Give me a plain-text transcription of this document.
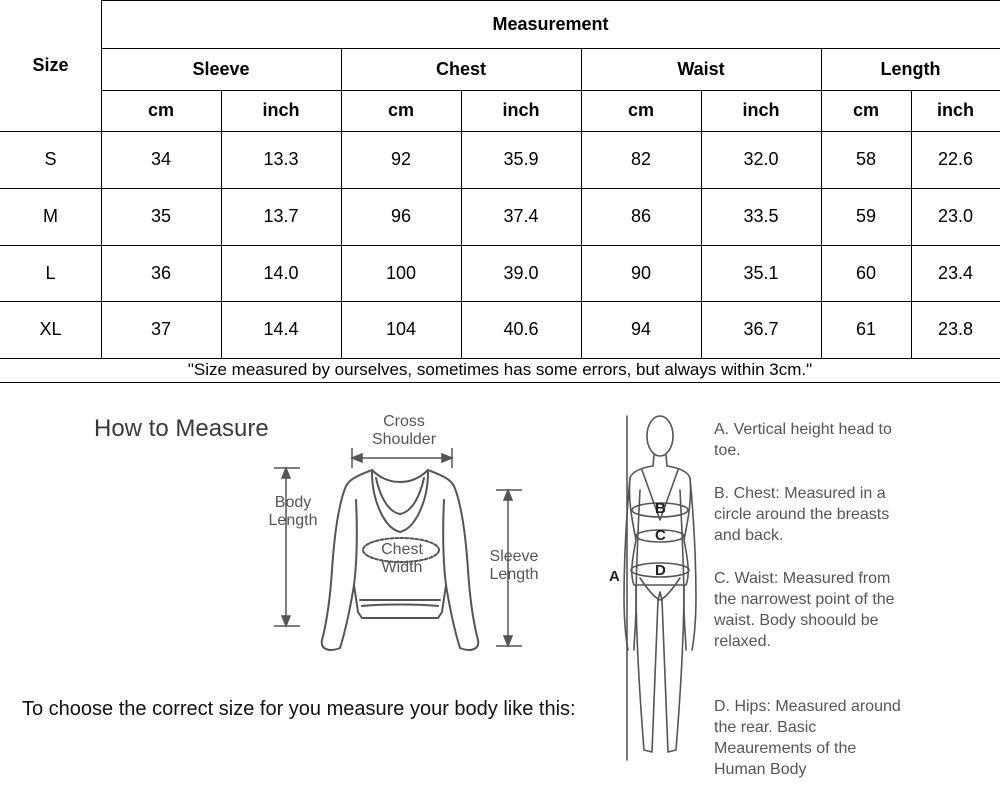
Size
Measurement
Sleeve	Chest	Waist	Length
cm	inch	cm	inch	cm	inch	cm	inch
S	34	13.3	92	35.9	82	32.0	58	22.6
M	35	13.7	96	37.4	86	33.5	59	23.0
L	36	14.0	100	39.0	90	35.1	60	23.4
XL	37	14.4	104	40.6	94	36.7	61	23.8
"Size measured by ourselves, sometimes has some errors, but always within 3cm."
How to Measure	Cross
Shoulder
Body
Length
Chest
Width
Sleeve
Length
To choose the correct size for you measure your body like this:
A
B
C
D
A. Vertical height head to toe.
B. Chest: Measured in a circle around the breasts and back.
C. Waist: Measured from the narrowest point of the waist. Body shoould be relaxed.
D. Hips: Measured around the rear. Basic Meaurements of the Human Body
